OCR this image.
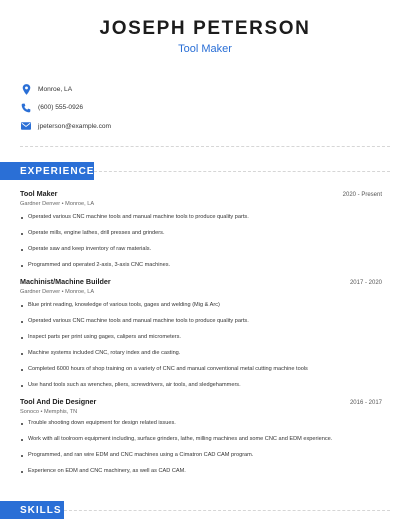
JOSEPH PETERSON
Tool Maker
Monroe, LA
(600) 555-0926
jpeterson@example.com
EXPERIENCE
Tool Maker	2020 - Present
Gardner Denver • Monroe, LA
Operated various CNC machine tools and manual machine tools to produce quality parts.
Operate mills, engine lathes, drill presses and grinders.
Operate saw and keep inventory of raw materials.
Programmed and operated 2-axis, 3-axis CNC machines.
Machinist/Machine Builder	2017 - 2020
Gardner Denver • Monroe, LA
Blue print reading, knowledge of various tools, gages and welding (Mig & Arc)
Operated various CNC machine tools and manual machine tools to produce quality parts.
Inspect parts per print using gages, calipers and micrometers.
Machine systems included CNC, rotary index and die casting.
Completed 6000 hours of shop training on a variety of CNC and manual conventional metal cutting machine tools
Use hand tools such as wrenches, pliers, screwdrivers, air tools, and sledgehammers.
Tool And Die Designer	2016 - 2017
Sonoco • Memphis, TN
Trouble shooting down equipment for design related issues.
Work with all toolroom equipment including, surface grinders, lathe, milling machines and some CNC and EDM experience.
Programmed, and ran wire EDM and CNC machines using a Cimatron CAD CAM program.
Experience on EDM and CNC machinery, as well as CAD CAM.
SKILLS
